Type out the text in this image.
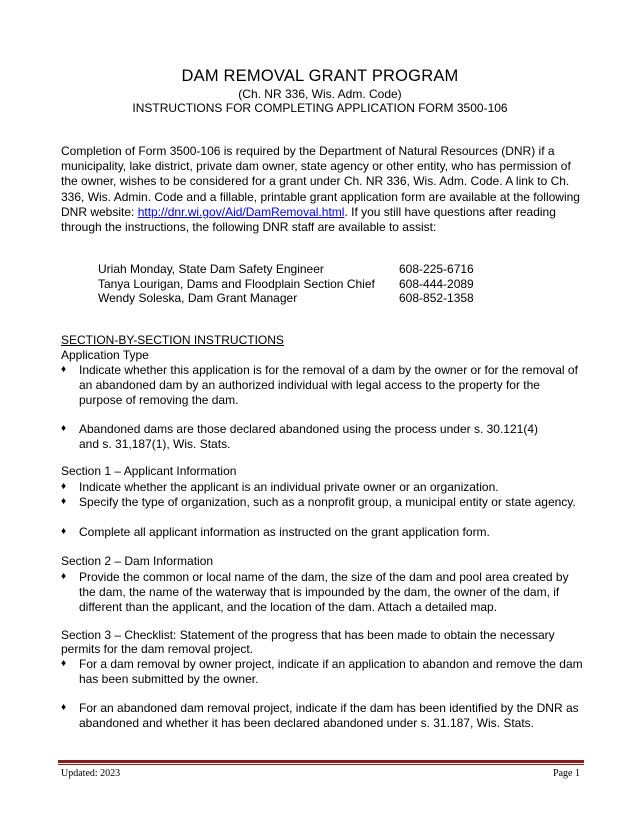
DAM REMOVAL GRANT PROGRAM
(Ch. NR 336, Wis. Adm. Code)
INSTRUCTIONS FOR COMPLETING APPLICATION FORM 3500-106
Completion of Form 3500-106 is required by the Department of Natural Resources (DNR) if a municipality, lake district, private dam owner, state agency or other entity, who has permission of the owner, wishes to be considered for a grant under Ch. NR 336, Wis. Adm. Code. A link to Ch. 336, Wis. Admin. Code and a fillable, printable grant application form are available at the following DNR website: http://dnr.wi.gov/Aid/DamRemoval.html. If you still have questions after reading through the instructions, the following DNR staff are available to assist:
Uriah Monday, State Dam Safety Engineer	608-225-6716
Tanya Lourigan, Dams and Floodplain Section Chief 608-444-2089
Wendy Soleska, Dam Grant Manager	608-852-1358
SECTION-BY-SECTION INSTRUCTIONS
Application Type
♦ Indicate whether this application is for the removal of a dam by the owner or for the removal of an abandoned dam by an authorized individual with legal access to the property for the purpose of removing the dam.
♦ Abandoned dams are those declared abandoned using the process under s. 30.121(4) and s. 31,187(1), Wis. Stats.
Section 1 – Applicant Information
♦ Indicate whether the applicant is an individual private owner or an organization.
♦ Specify the type of organization, such as a nonprofit group, a municipal entity or state agency.
♦ Complete all applicant information as instructed on the grant application form.
Section 2 – Dam Information
♦ Provide the common or local name of the dam, the size of the dam and pool area created by the dam, the name of the waterway that is impounded by the dam, the owner of the dam, if different than the applicant, and the location of the dam. Attach a detailed map.
Section 3 – Checklist: Statement of the progress that has been made to obtain the necessary
permits for the dam removal project.
♦ For a dam removal by owner project, indicate if an application to abandon and remove the dam has been submitted by the owner.
♦ For an abandoned dam removal project, indicate if the dam has been identified by the DNR as abandoned and whether it has been declared abandoned under s. 31.187, Wis. Stats.
Updated: 2023	Page 1
